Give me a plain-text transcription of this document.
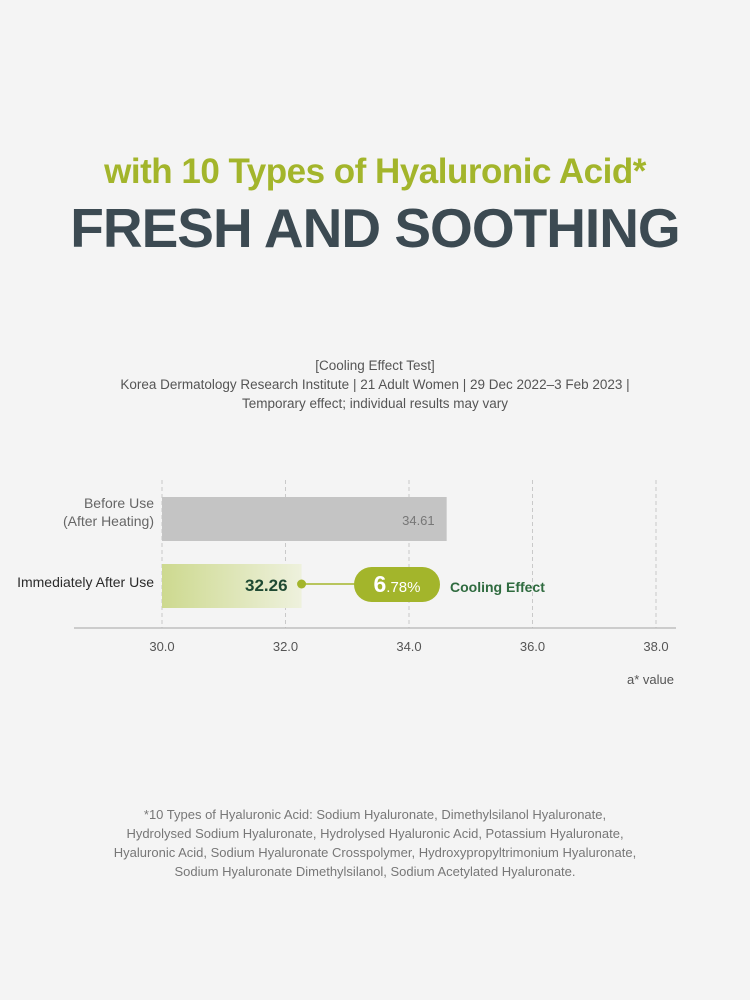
with 10 Types of Hyaluronic Acid*
FRESH AND SOOTHING
[Cooling Effect Test]
Korea Dermatology Research Institute | 21 Adult Women | 29 Dec 2022–3 Feb 2023 |
Temporary effect; individual results may vary
30.0	32.0	34.0	36.0	38.0
a* value
Before Use
(After Heating)
Immediately After Use
34.61
32.26	6.78% Cooling Effect
*10 Types of Hyaluronic Acid: Sodium Hyaluronate, Dimethylsilanol Hyaluronate,
Hydrolysed Sodium Hyaluronate, Hydrolysed Hyaluronic Acid, Potassium Hyaluronate,
Hyaluronic Acid, Sodium Hyaluronate Crosspolymer, Hydroxypropyltrimonium Hyaluronate,
Sodium Hyaluronate Dimethylsilanol, Sodium Acetylated Hyaluronate.
